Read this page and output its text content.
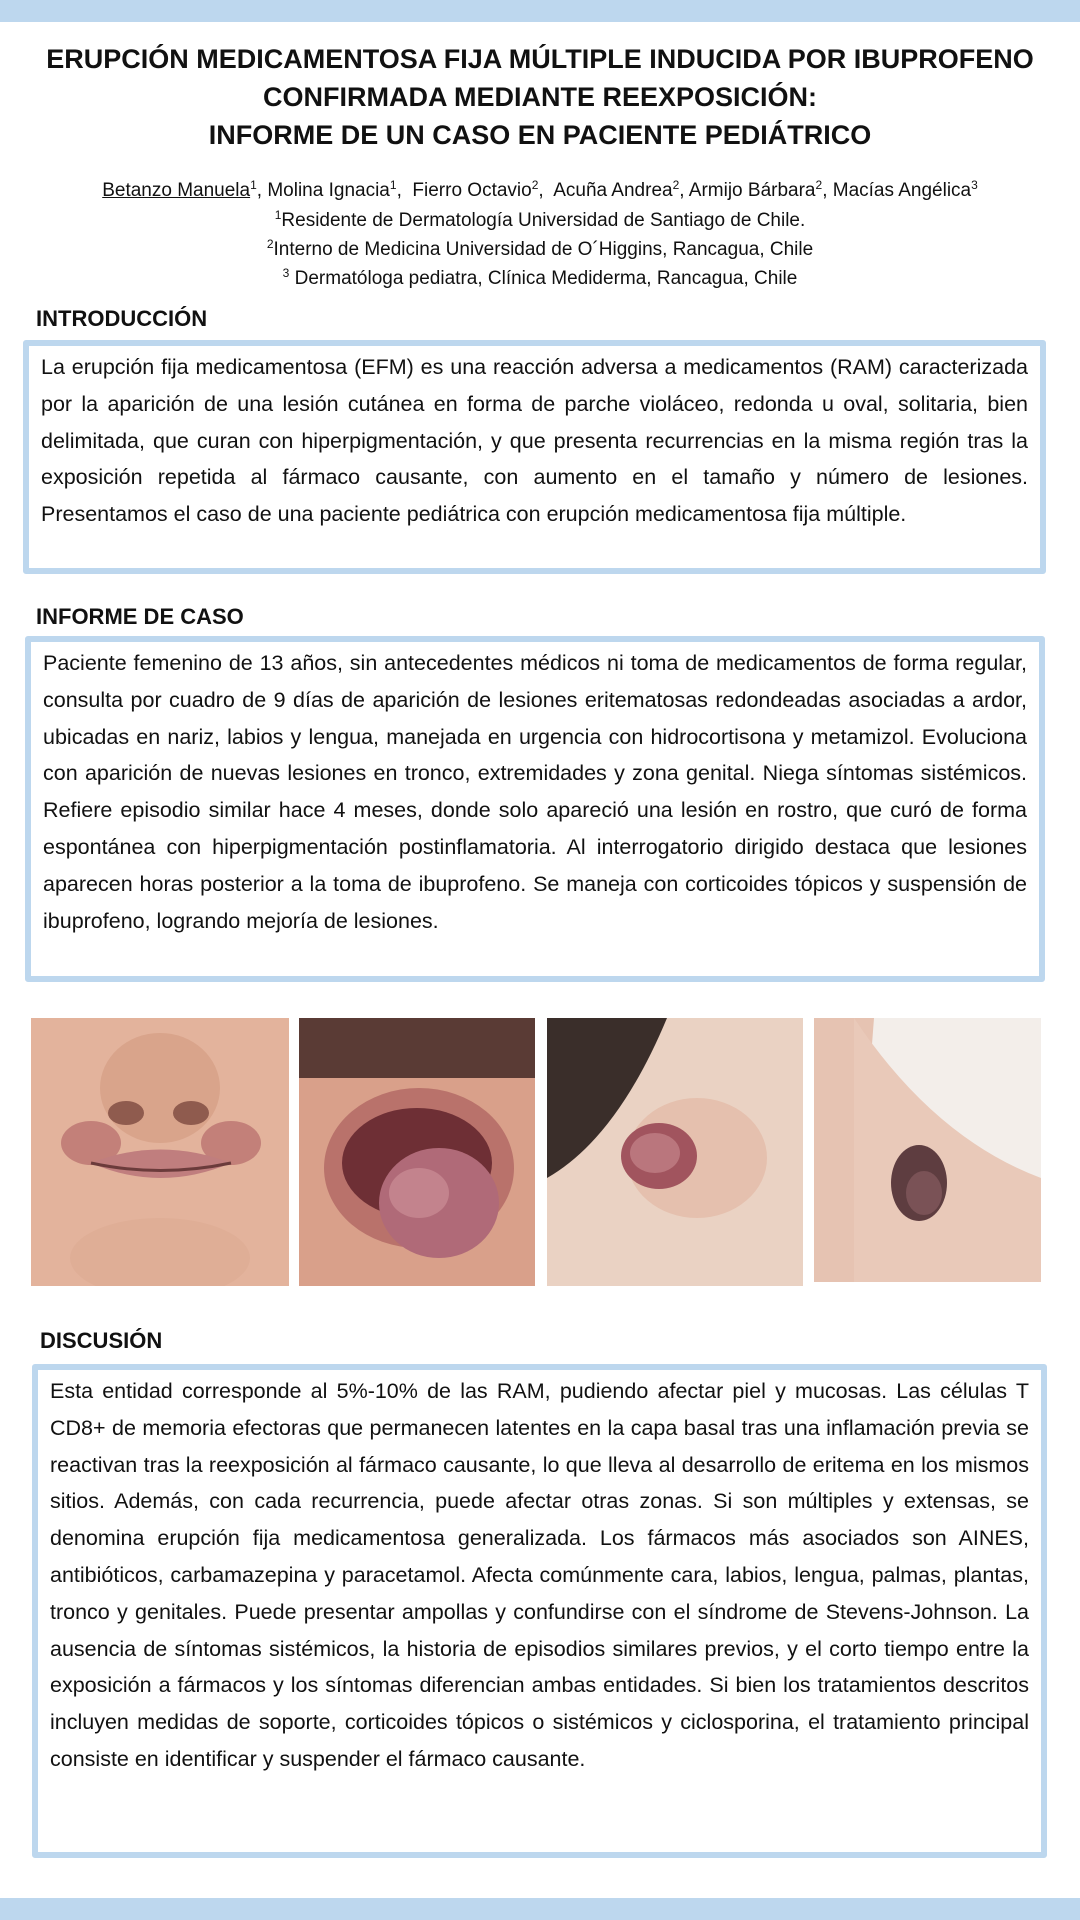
ERUPCIÓN MEDICAMENTOSA FIJA MÚLTIPLE INDUCIDA POR IBUPROFENO
CONFIRMADA MEDIANTE REEXPOSICIÓN:
INFORME DE UN CASO EN PACIENTE PEDIÁTRICO
Betanzo Manuela$^1$, Molina Ignacia$^1$,  Fierro Octavio$^2$,  Acuña Andrea$^2$, Armijo Bárbara$^2$, Macías Angélica$^3$
$^1$Residente de Dermatología Universidad de Santiago de Chile.
$^2$Interno de Medicina Universidad de O´Higgins, Rancagua, Chile
$^3$ Dermatóloga pediatra, Clínica Mediderma, Rancagua, Chile
INTRODUCCIÓN
La erupción fija medicamentosa (EFM) es una reacción adversa a medicamentos (RAM) caracterizada por la aparición de una lesión cutánea en forma de parche violáceo, redonda u oval, solitaria, bien delimitada, que curan con hiperpigmentación, y que presenta recurrencias en la misma región tras la exposición repetida al fármaco causante, con aumento en el tamaño y número de lesiones. Presentamos el caso de una paciente pediátrica con erupción medicamentosa fija múltiple.
INFORME DE CASO
Paciente femenino de 13 años, sin antecedentes médicos ni toma de medicamentos de forma regular, consulta por cuadro de 9 días de aparición de lesiones eritematosas redondeadas asociadas a ardor, ubicadas en nariz, labios y lengua, manejada en urgencia con hidrocortisona y metamizol. Evoluciona con aparición de nuevas lesiones en tronco, extremidades y zona genital. Niega síntomas sistémicos. Refiere episodio similar hace 4 meses, donde solo apareció una lesión en rostro, que curó de forma espontánea con hiperpigmentación postinflamatoria. Al interrogatorio dirigido destaca que lesiones aparecen horas posterior a la toma de ibuprofeno. Se maneja con corticoides tópicos y suspensión de ibuprofeno, logrando mejoría de lesiones.
DISCUSIÓN
Esta entidad corresponde al 5%-10% de las RAM, pudiendo afectar piel y mucosas. Las células T CD8+ de memoria efectoras que permanecen latentes en la capa basal tras una inflamación previa se reactivan tras la reexposición al fármaco causante, lo que lleva al desarrollo de eritema en los mismos sitios. Además, con cada recurrencia, puede afectar otras zonas. Si son múltiples y extensas, se denomina erupción fija medicamentosa generalizada. Los fármacos más asociados son AINES, antibióticos, carbamazepina y paracetamol. Afecta comúnmente cara, labios, lengua, palmas, plantas, tronco y genitales. Puede presentar ampollas y confundirse con el síndrome de Stevens-Johnson. La ausencia de síntomas sistémicos, la historia de episodios similares previos, y el corto tiempo entre la exposición a fármacos y los síntomas diferencian ambas entidades. Si bien los tratamientos descritos incluyen medidas de soporte, corticoides tópicos o sistémicos y ciclosporina, el tratamiento principal consiste en identificar y suspender el fármaco causante.
